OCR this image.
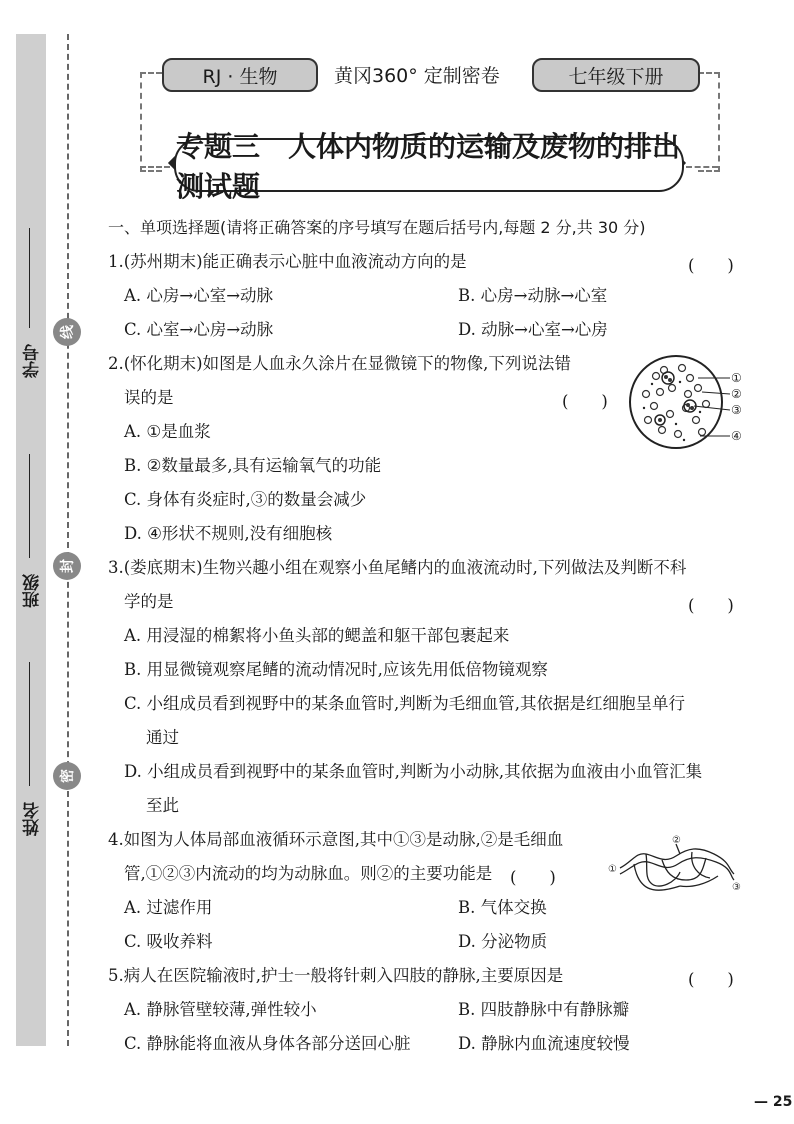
学号
班级
姓名
线
封
密
RJ · 生物	黄冈360° 定制密卷	七年级下册
专题三　人体内物质的运输及废物的排出测试题
一、单项选择题(请将正确答案的序号填写在题后括号内,每题 2 分,共 30 分)
1.(苏州期末)能正确表示心脏中血液流动方向的是	(　　)
A. 心房→心室→动脉	B. 心房→动脉→心室
C. 心室→心房→动脉	D. 动脉→心室→心房
2.(怀化期末)如图是人血永久涂片在显微镜下的物像,下列说法错
误的是	(　　)
A. ①是血浆
B. ②数量最多,具有运输氧气的功能
C. 身体有炎症时,③的数量会减少
D. ④形状不规则,没有细胞核
①
②
③
④
3.(娄底期末)生物兴趣小组在观察小鱼尾鳍内的血液流动时,下列做法及判断不科
学的是	(　　)
A. 用浸湿的棉絮将小鱼头部的鳃盖和躯干部包裹起来
B. 用显微镜观察尾鳍的流动情况时,应该先用低倍物镜观察
C. 小组成员看到视野中的某条血管时,判断为毛细血管,其依据是红细胞呈单行
通过
D. 小组成员看到视野中的某条血管时,判断为小动脉,其依据为血液由小血管汇集
至此
4.如图为人体局部血液循环示意图,其中①③是动脉,②是毛细血
管,①②③内流动的均为动脉血。则②的主要功能是 (　　)
A. 过滤作用	B. 气体交换
C. 吸收养料	D. 分泌物质
①
②
③
5.病人在医院输液时,护士一般将针刺入四肢的静脉,主要原因是	(　　)
A. 静脉管壁较薄,弹性较小	B. 四肢静脉中有静脉瓣
C. 静脉能将血液从身体各部分送回心脏	D. 静脉内血流速度较慢
— 25
